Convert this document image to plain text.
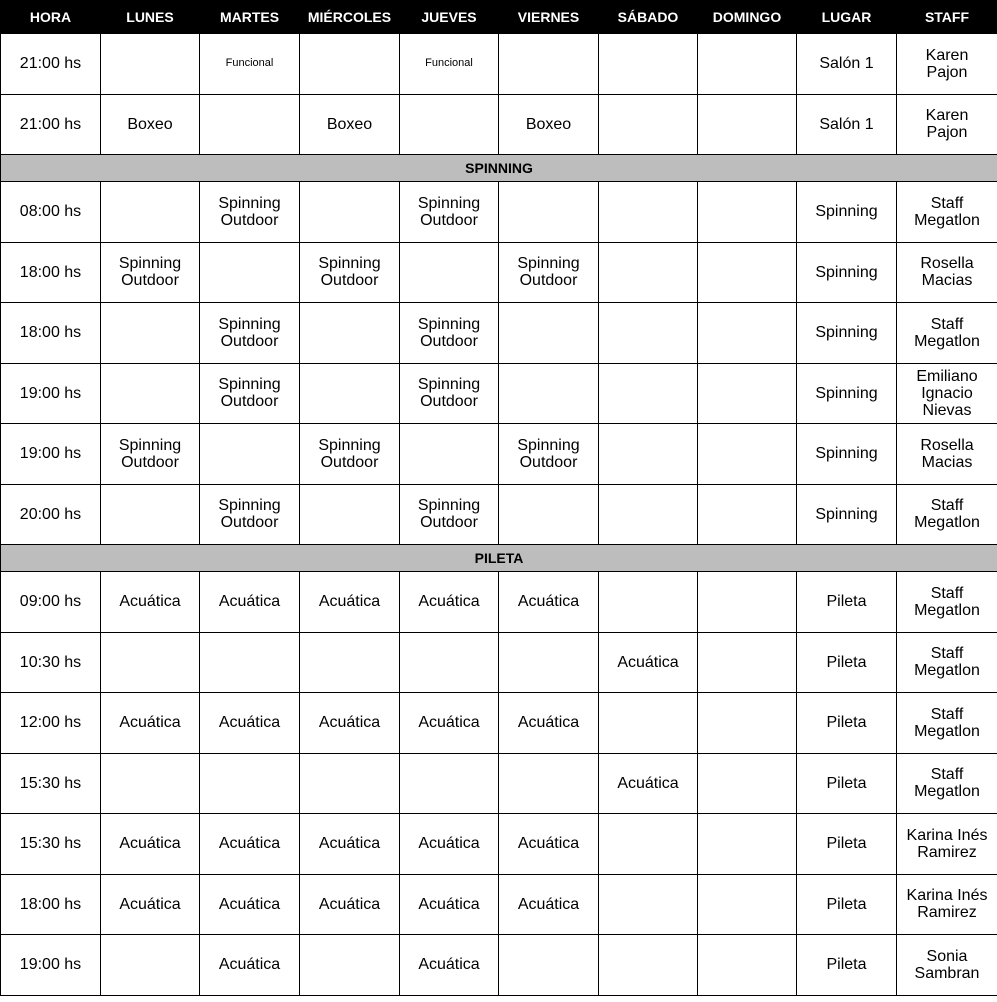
HORA	LUNES	MARTES	MIÉRCOLES	JUEVES	VIERNES	SÁBADO	DOMINGO	LUGAR	STAFF

21:00 hs		Funcional		Funcional				Salón 1	Karen
Pajon

21:00 hs	Boxeo		Boxeo		Boxeo			Salón 1	Karen
Pajon

SPINNING									

08:00 hs		Spinning
Outdoor		Spinning
Outdoor				Spinning	Staff
Megatlon

18:00 hs	Spinning
Outdoor		Spinning
Outdoor		Spinning
Outdoor			Spinning	Rosella
Macias

18:00 hs		Spinning
Outdoor		Spinning
Outdoor				Spinning	Staff
Megatlon

19:00 hs		Spinning
Outdoor		Spinning
Outdoor				Spinning	Emiliano
Ignacio
Nievas

19:00 hs	Spinning
Outdoor		Spinning
Outdoor		Spinning
Outdoor			Spinning	Rosella
Macias

20:00 hs		Spinning
Outdoor		Spinning
Outdoor				Spinning	Staff
Megatlon

PILETA									

09:00 hs	Acuática	Acuática	Acuática	Acuática	Acuática			Pileta	Staff
Megatlon

10:30 hs						Acuática		Pileta	Staff
Megatlon

12:00 hs	Acuática	Acuática	Acuática	Acuática	Acuática			Pileta	Staff
Megatlon

15:30 hs						Acuática		Pileta	Staff
Megatlon

15:30 hs	Acuática	Acuática	Acuática	Acuática	Acuática			Pileta	Karina Inés
Ramirez

18:00 hs	Acuática	Acuática	Acuática	Acuática	Acuática			Pileta	Karina Inés
Ramirez

19:00 hs		Acuática		Acuática				Pileta	Sonia
Sambran
